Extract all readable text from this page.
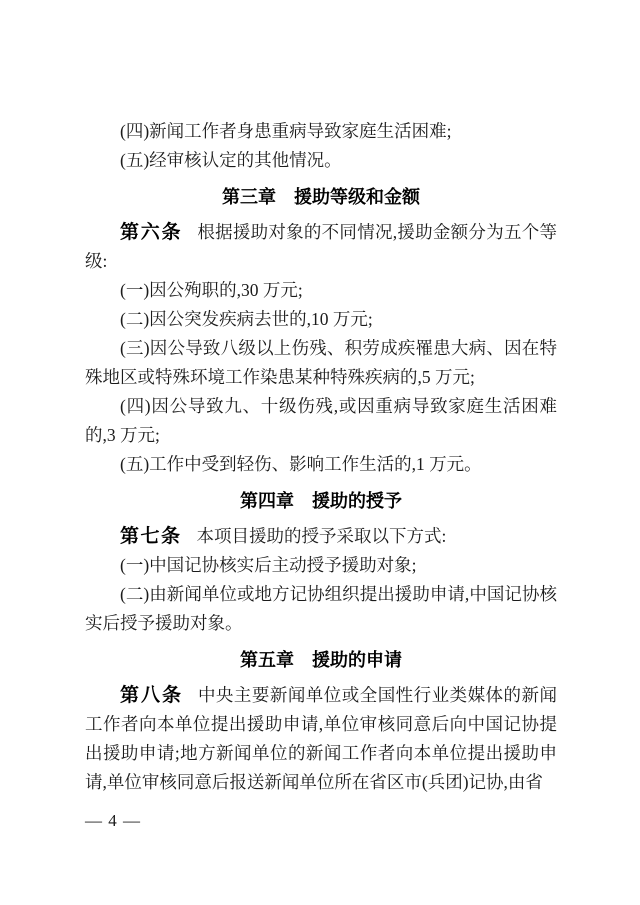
(四)新闻工作者身患重病导致家庭生活困难;

(五)经审核认定的其他情况。

第三章　援助等级和金额

第六条 根据援助对象的不同情况,援助金额分为五个等级:

(一)因公殉职的,30 万元;

(二)因公突发疾病去世的,10 万元;

(三)因公导致八级以上伤残、积劳成疾罹患大病、因在特殊地区或特殊环境工作染患某种特殊疾病的,5 万元;

(四)因公导致九、十级伤残,或因重病导致家庭生活困难的,3 万元;

(五)工作中受到轻伤、影响工作生活的,1 万元。

第四章　援助的授予

第七条 本项目援助的授予采取以下方式:

(一)中国记协核实后主动授予援助对象;

(二)由新闻单位或地方记协组织提出援助申请,中国记协核实后授予援助对象。

第五章　援助的申请

第八条 中央主要新闻单位或全国性行业类媒体的新闻工作者向本单位提出援助申请,单位审核同意后向中国记协提出援助申请;地方新闻单位的新闻工作者向本单位提出援助申请,单位审核同意后报送新闻单位所在省区市(兵团)记协,由省

— 4 —
